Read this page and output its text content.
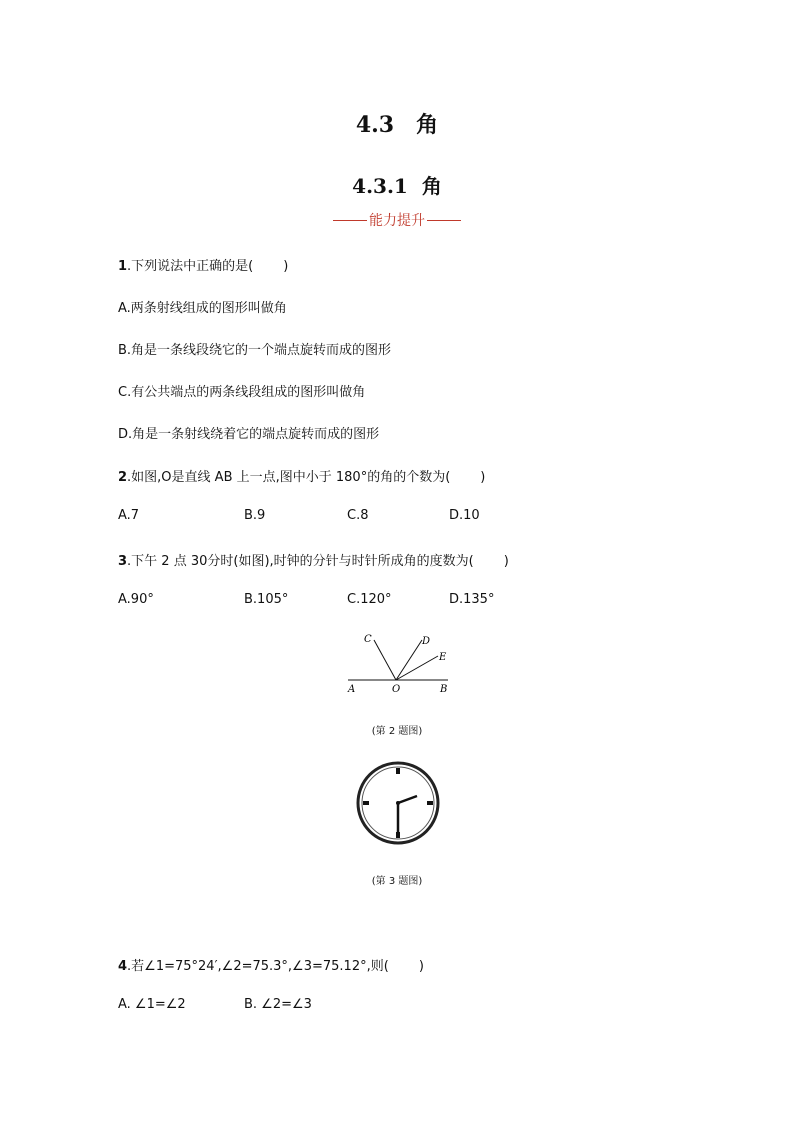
4.3 角
4.3.1 角
能力提升
1.下列说法中正确的是( )
A.两条射线组成的图形叫做角
B.角是一条线段绕它的一个端点旋转而成的图形
C.有公共端点的两条线段组成的图形叫做角
D.角是一条射线绕着它的端点旋转而成的图形
2.如图,O是直线 AB 上一点,图中小于 180°的角的个数为( )
A.7	B.9	C.8	D.10
3.下午 2 点 30分时(如图),时钟的分针与时针所成角的度数为( )
A.90°	B.105°	C.120°	D.135°
A	O	B
C	D
E
(第 2 题图)
(第 3 题图)
4.若∠1=75°24′,∠2=75.3°,∠3=75.12°,则( )
A. ∠1=∠2	B. ∠2=∠3
